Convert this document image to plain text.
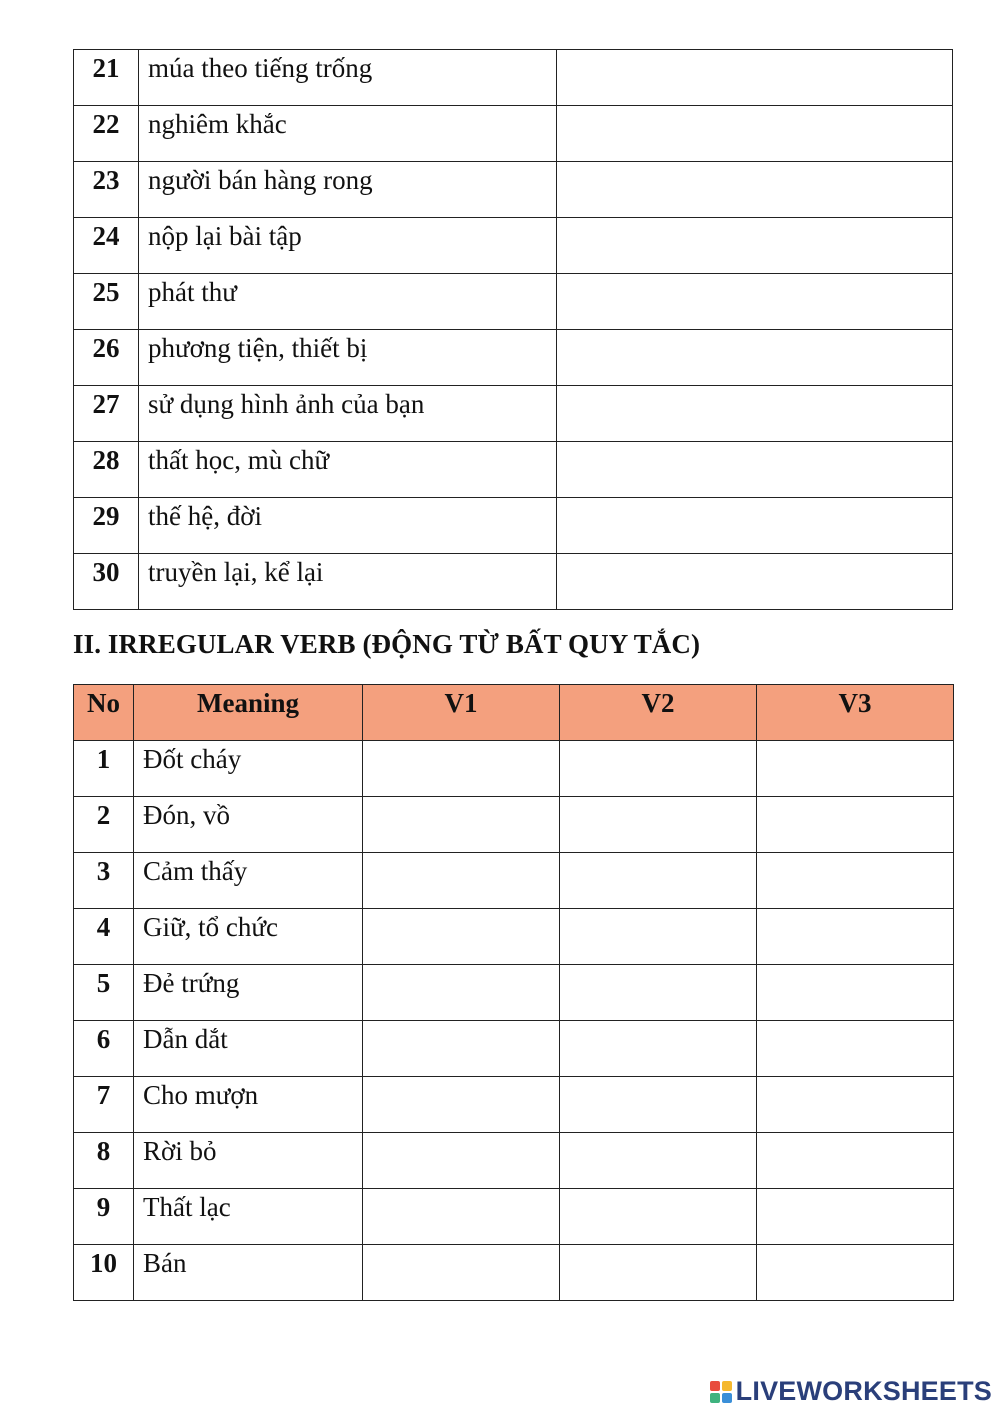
21	múa theo tiếng trống	
22	nghiêm khắc	
23	người bán hàng rong	
24	nộp lại bài tập	
25	phát thư	
26	phương tiện, thiết bị	
27	sử dụng hình ảnh của bạn	
28	thất học, mù chữ	
29	thế hệ, đời	
30	truyền lại, kể lại	
II. IRREGULAR VERB (ĐỘNG TỪ BẤT QUY TẮC)
No	Meaning	V1	V2	V3
1	Đốt cháy			
2	Đón, vồ			
3	Cảm thấy			
4	Giữ, tổ chức			
5	Đẻ trứng			
6	Dẫn dắt			
7	Cho mượn			
8	Rời bỏ			
9	Thất lạc			
10	Bán			
LIVEWORKSHEETS
